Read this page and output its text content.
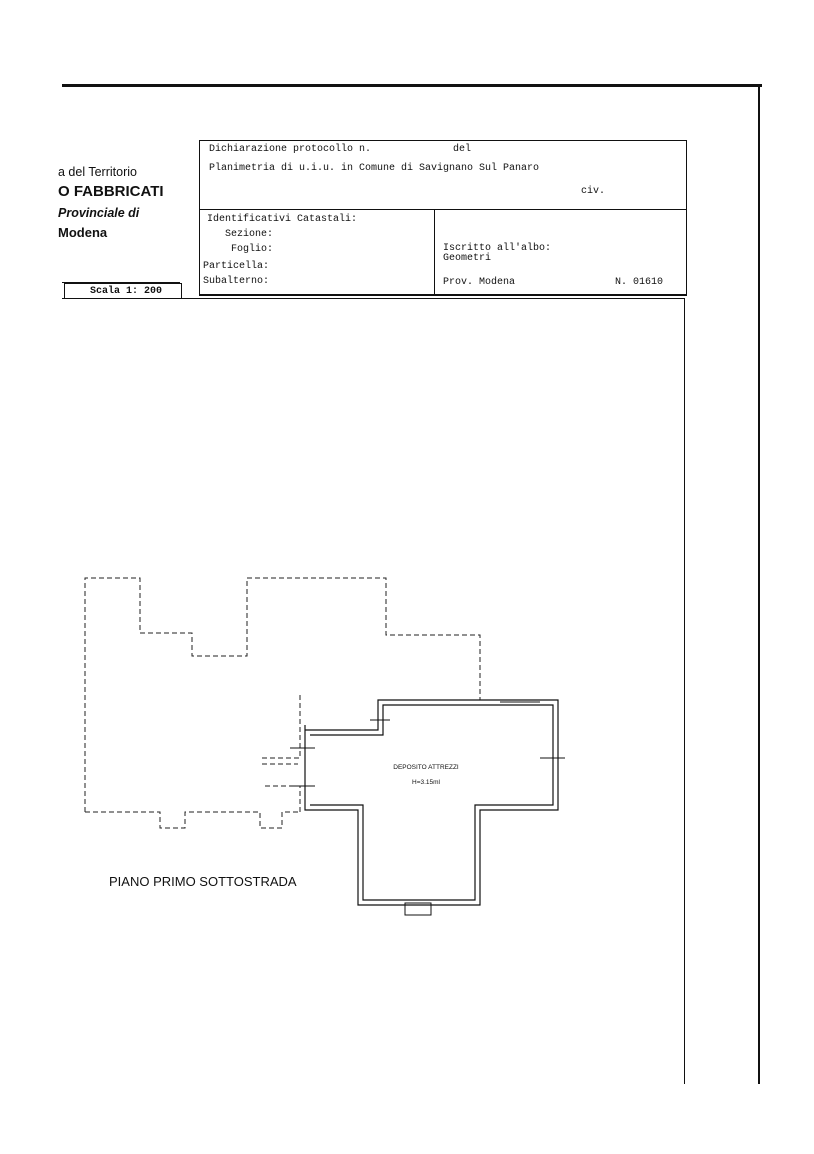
a del Territorio
O FABBRICATI
Provinciale di
Modena
Scala 1: 200
Dichiarazione protocollo n.	del
Planimetria di u.i.u. in Comune di Savignano Sul Panaro
civ.
Identificativi Catastali:
Sezione:
Foglio:
Particella:
Subalterno:
Iscritto all'albo:
Geometri
Prov. Modena	N. 01610
DEPOSITO ATTREZZI
H=3.15ml
PIANO PRIMO SOTTOSTRADA
